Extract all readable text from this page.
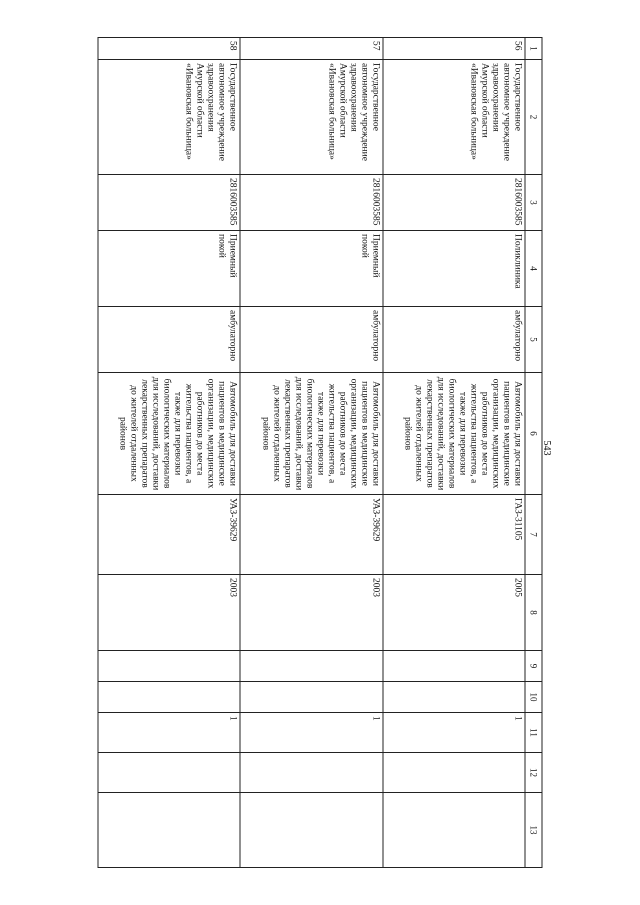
543
1	2	3	4	5	6	7	8	9	10	11	12	13
56	Государственное автономное учреждение здравоохранения Амурской области «Ивановская больница»	2816003585	Поликлиника	амбулаторно	Автомобиль для доставки пациентов в медицинские организации, медицинских работников до места жительства пациентов, а также для перевозки биологических материалов для исследований, доставки лекарственных препаратов до жителей отдаленных районов	ГАЗ-31105	2005			1		
57	Государственное автономное учреждение здравоохранения Амурской области «Ивановская больница»	2816003585	Приемный покой	амбулаторно	Автомобиль для доставки пациентов в медицинские организации, медицинских работников до места жительства пациентов, а также для перевозки биологических материалов для исследований, доставки лекарственных препаратов до жителей отдаленных районов	УАЗ-39629	2003			1		
58	Государственное автономное учреждение здравоохранения Амурской области «Ивановская больница»	2816003585	Приемный покой	амбулаторно	Автомобиль для доставки пациентов в медицинские организации, медицинских работников до места жительства пациентов, а также для перевозки биологических материалов для исследований, доставки лекарственных препаратов до жителей отдаленных районов	УАЗ-39629	2003			1		
